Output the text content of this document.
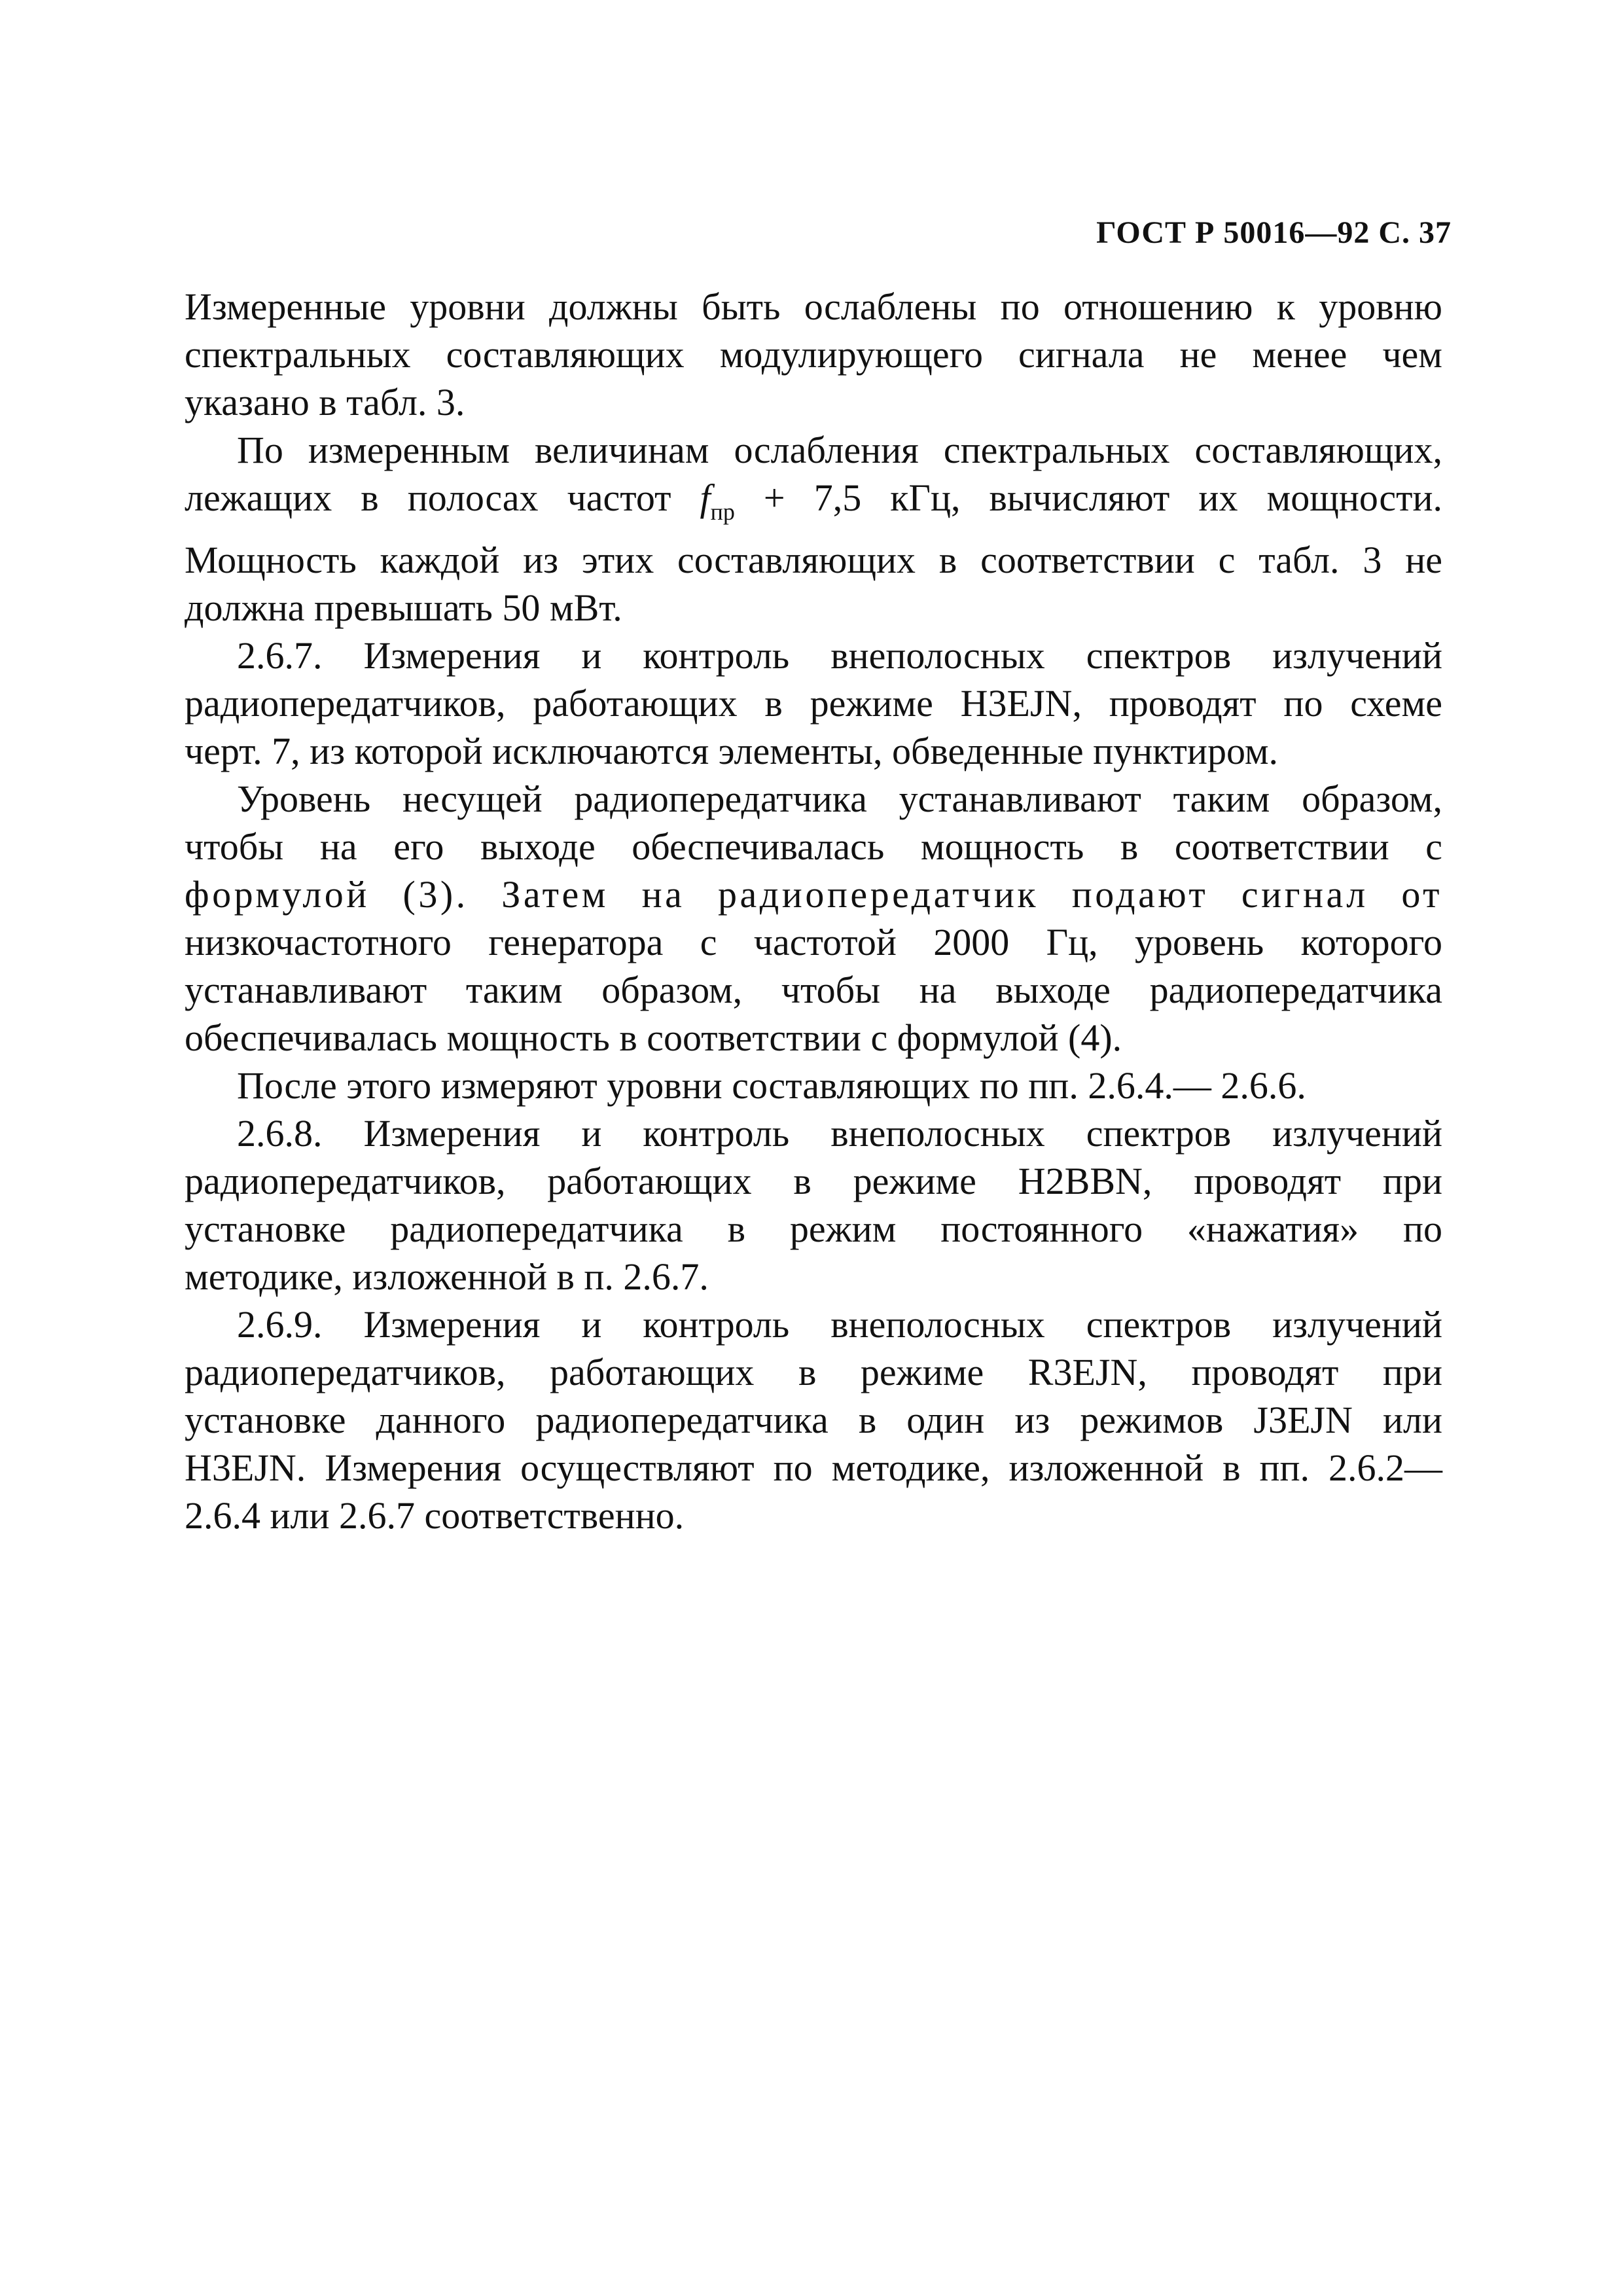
ГОСТ Р 50016—92 С. 37
Измеренные уровни должны быть ослаблены по отношению к уровню
спектральных составляющих модулирующего сигнала не менее чем
указано в табл. 3.
По измеренным величинам ослабления спектральных составляющих,
лежащих в полосах частот $f_{пр} + 7,5$ кГц, вычисляют их мощности.
Мощность каждой из этих составляющих в соответствии с табл. 3 не
должна превышать 50 мВт.
2.6.7. Измерения и контроль внеполосных спектров излучений
радиопередатчиков, работающих в режиме H3EJN, проводят по схеме
черт. 7, из которой исключаются элементы, обведенные пунктиром.
Уровень несущей радиопередатчика устанавливают таким образом,
чтобы на его выходе обеспечивалась мощность в соответствии с
формулой (3). Затем на радиопередатчик подают сигнал от
низкочастотного генератора с частотой 2000 Гц, уровень которого
устанавливают таким образом, чтобы на выходе радиопередатчика
обеспечивалась мощность в соответствии с формулой (4).
После этого измеряют уровни составляющих по пп. 2.6.4.— 2.6.6.
2.6.8. Измерения и контроль внеполосных спектров излучений
радиопередатчиков, работающих в режиме H2BBN, проводят при
установке радиопередатчика в режим постоянного «нажатия» по
методике, изложенной в п. 2.6.7.
2.6.9. Измерения и контроль внеполосных спектров излучений
радиопередатчиков, работающих в режиме R3EJN, проводят при
установке данного радиопередатчика в один из режимов J3EJN или
H3EJN. Измерения осуществляют по методике, изложенной в пп. 2.6.2—
2.6.4 или 2.6.7 соответственно.
